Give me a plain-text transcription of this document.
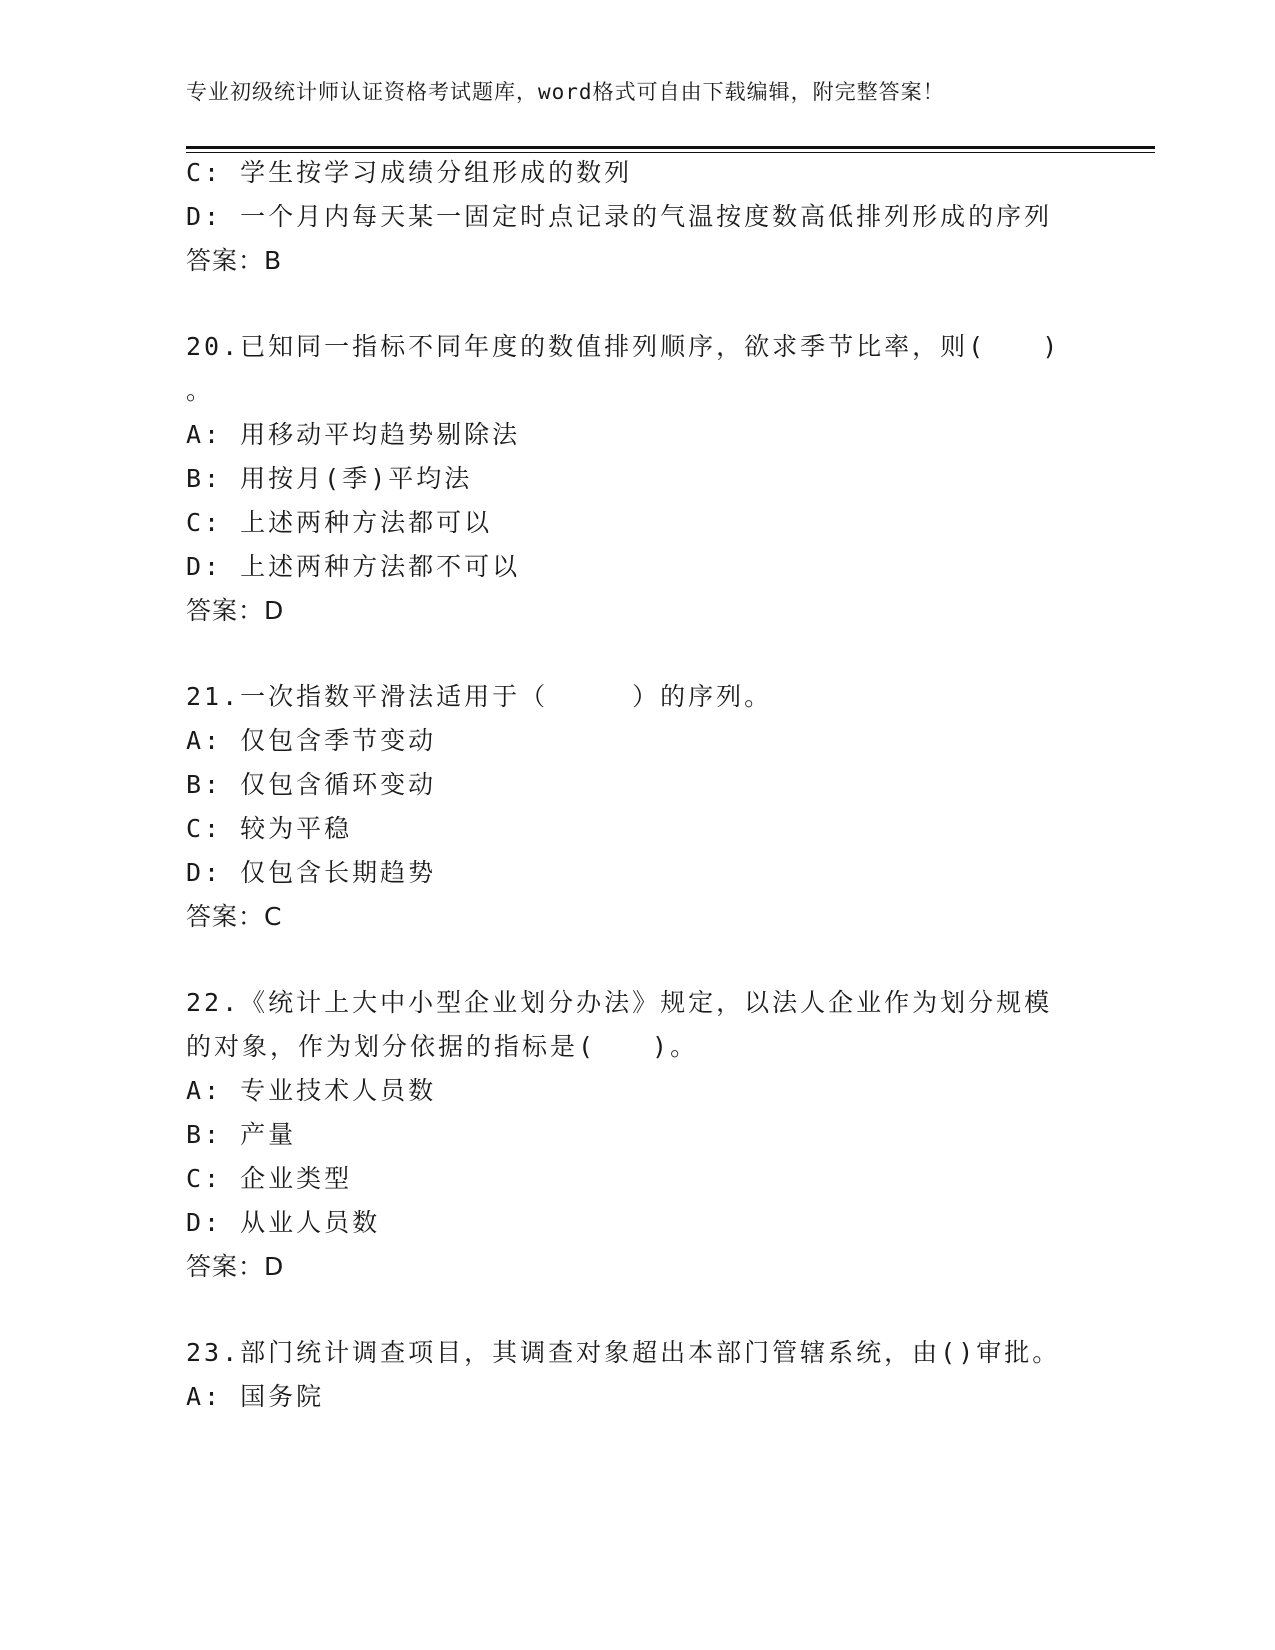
专业初级统计师认证资格考试题库，word格式可自由下载编辑，附完整答案！
C: 学生按学习成绩分组形成的数列
D: 一个月内每天某一固定时点记录的气温按度数高低排列形成的序列
答案：B
20.已知同一指标不同年度的数值排列顺序，欲求季节比率，则(　　)
。
A: 用移动平均趋势剔除法
B: 用按月(季)平均法
C: 上述两种方法都可以
D: 上述两种方法都不可以
答案：D
21.一次指数平滑法适用于（　　　）的序列。
A: 仅包含季节变动
B: 仅包含循环变动
C: 较为平稳
D: 仅包含长期趋势
答案：C
22.《统计上大中小型企业划分办法》规定，以法人企业作为划分规模
的对象，作为划分依据的指标是(　　)。
A: 专业技术人员数
B: 产量
C: 企业类型
D: 从业人员数
答案：D
23.部门统计调查项目，其调查对象超出本部门管辖系统，由()审批。
A: 国务院
